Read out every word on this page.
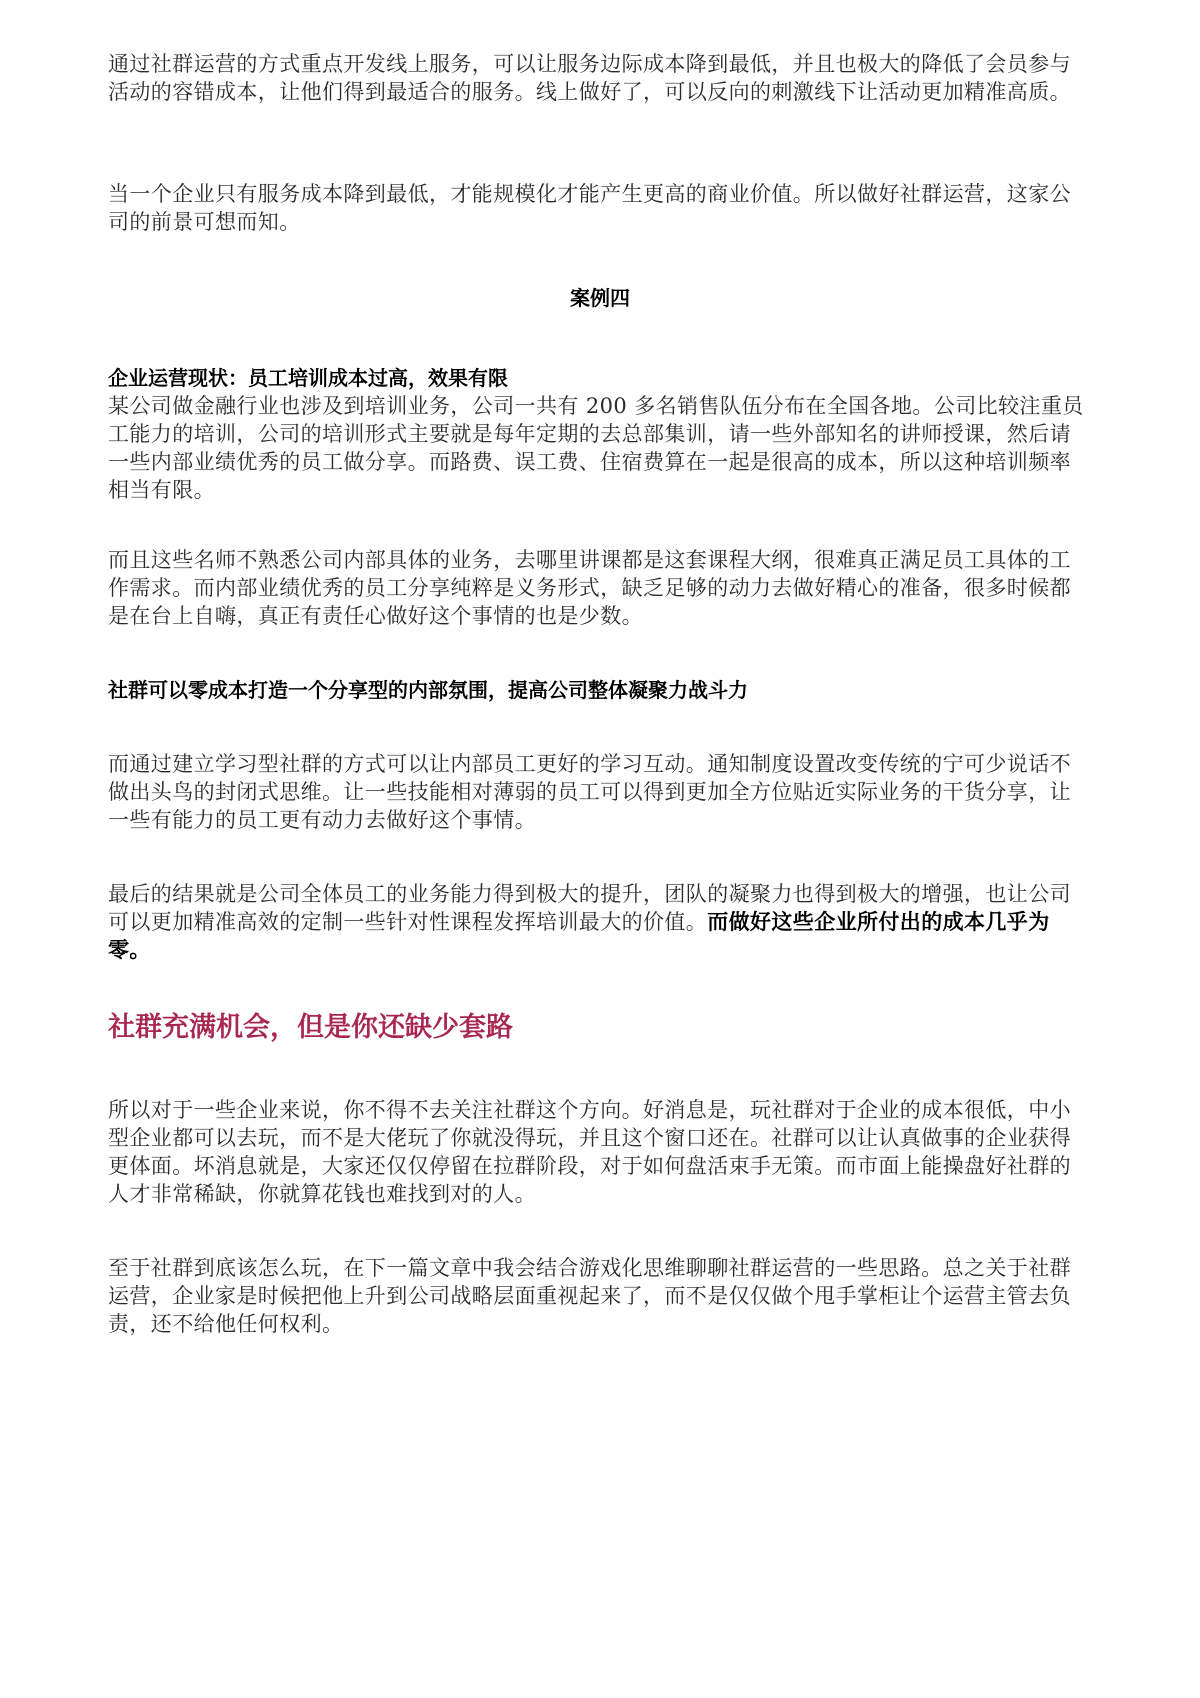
通过社群运营的方式重点开发线上服务，可以让服务边际成本降到最低，并且也极大的降低了会员参与活动的容错成本，让他们得到最适合的服务。线上做好了，可以反向的刺激线下让活动更加精准高质。

当一个企业只有服务成本降到最低，才能规模化才能产生更高的商业价值。所以做好社群运营，这家公司的前景可想而知。

案例四

企业运营现状：员工培训成本过高，效果有限

某公司做金融行业也涉及到培训业务，公司一共有 200 多名销售队伍分布在全国各地。公司比较注重员工能力的培训，公司的培训形式主要就是每年定期的去总部集训，请一些外部知名的讲师授课，然后请一些内部业绩优秀的员工做分享。而路费、误工费、住宿费算在一起是很高的成本，所以这种培训频率相当有限。

而且这些名师不熟悉公司内部具体的业务，去哪里讲课都是这套课程大纲，很难真正满足员工具体的工作需求。而内部业绩优秀的员工分享纯粹是义务形式，缺乏足够的动力去做好精心的准备，很多时候都是在台上自嗨，真正有责任心做好这个事情的也是少数。

社群可以零成本打造一个分享型的内部氛围，提高公司整体凝聚力战斗力

而通过建立学习型社群的方式可以让内部员工更好的学习互动。通知制度设置改变传统的宁可少说话不做出头鸟的封闭式思维。让一些技能相对薄弱的员工可以得到更加全方位贴近实际业务的干货分享，让一些有能力的员工更有动力去做好这个事情。

最后的结果就是公司全体员工的业务能力得到极大的提升，团队的凝聚力也得到极大的增强，也让公司可以更加精准高效的定制一些针对性课程发挥培训最大的价值。而做好这些企业所付出的成本几乎为零。

社群充满机会，但是你还缺少套路

所以对于一些企业来说，你不得不去关注社群这个方向。好消息是，玩社群对于企业的成本很低，中小型企业都可以去玩，而不是大佬玩了你就没得玩，并且这个窗口还在。社群可以让认真做事的企业获得更体面。坏消息就是，大家还仅仅停留在拉群阶段，对于如何盘活束手无策。而市面上能操盘好社群的人才非常稀缺，你就算花钱也难找到对的人。

至于社群到底该怎么玩，在下一篇文章中我会结合游戏化思维聊聊社群运营的一些思路。总之关于社群运营，企业家是时候把他上升到公司战略层面重视起来了，而不是仅仅做个甩手掌柜让个运营主管去负责，还不给他任何权利。
